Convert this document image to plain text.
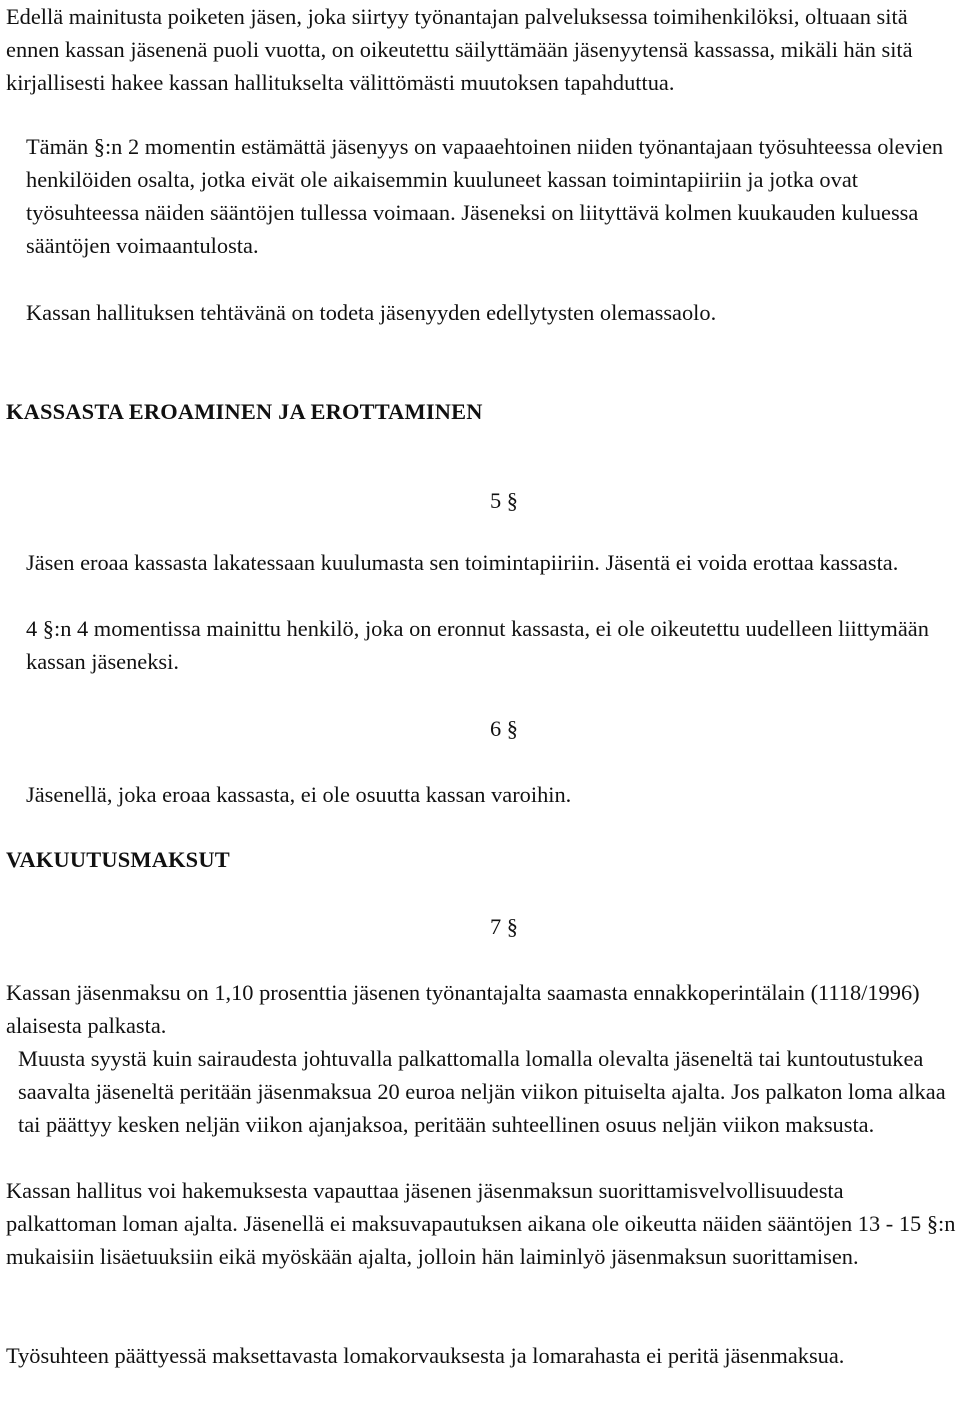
Edellä mainitusta poiketen jäsen, joka siirtyy työnantajan palveluksessa toimihenkilöksi, oltuaan sitä ennen kassan jäsenenä puoli vuotta, on oikeutettu säilyttämään jäsenyytensä kassassa, mikäli hän sitä kirjallisesti hakee kassan hallitukselta välittömästi muutoksen tapahduttua.

Tämän §:n 2 momentin estämättä jäsenyys on vapaaehtoinen niiden työnantajaan työsuhteessa olevien henkilöiden osalta, jotka eivät ole aikaisemmin kuuluneet kassan toimintapiiriin ja jotka ovat työsuhteessa näiden sääntöjen tullessa voimaan. Jäseneksi on liityttävä kolmen kuukauden kuluessa sääntöjen voimaantulosta.

Kassan hallituksen tehtävänä on todeta jäsenyyden edellytysten olemassaolo.

KASSASTA EROAMINEN JA EROTTAMINEN
5 §

Jäsen eroaa kassasta lakatessaan kuulumasta sen toimintapiiriin. Jäsentä ei voida erottaa kassasta.

4 §:n 4 momentissa mainittu henkilö, joka on eronnut kassasta, ei ole oikeutettu uudelleen liittymään kassan jäseneksi.

6 §

Jäsenellä, joka eroaa kassasta, ei ole osuutta kassan varoihin.

VAKUUTUSMAKSUT
7 §

Kassan jäsenmaksu on 1,10 prosenttia jäsenen työnantajalta saamasta ennakkoperintälain (1118/1996) alaisesta palkasta.

Muusta syystä kuin sairaudesta johtuvalla palkattomalla lomalla olevalta jäseneltä tai kuntoutustukea saavalta jäseneltä peritään jäsenmaksua 20 euroa neljän viikon pituiselta ajalta. Jos palkaton loma alkaa tai päättyy kesken neljän viikon ajanjaksoa, peritään suhteellinen osuus neljän viikon maksusta.

Kassan hallitus voi hakemuksesta vapauttaa jäsenen jäsenmaksun suorittamisvelvollisuudesta palkattoman loman ajalta. Jäsenellä ei maksuvapautuksen aikana ole oikeutta näiden sääntöjen 13 - 15 §:n mukaisiin lisäetuuksiin eikä myöskään ajalta, jolloin hän laiminlyö jäsenmaksun suorittamisen.

Työsuhteen päättyessä maksettavasta lomakorvauksesta ja lomarahasta ei peritä jäsenmaksua.
